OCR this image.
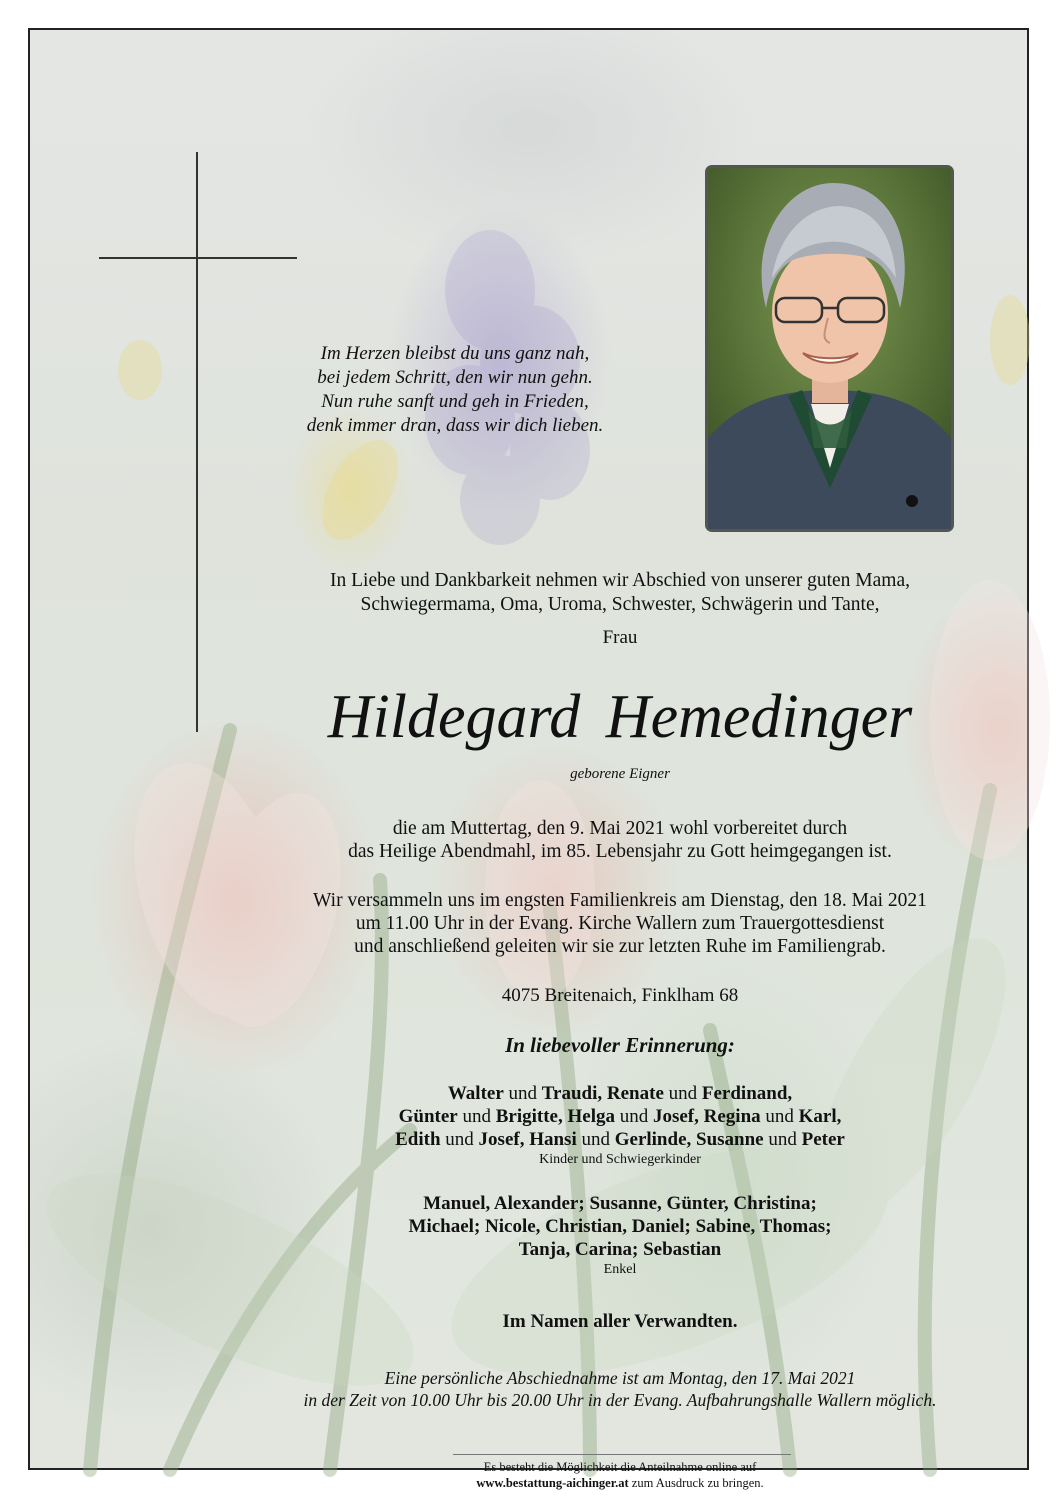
Im Herzen bleibst du uns ganz nah,
bei jedem Schritt, den wir nun gehn.
Nun ruhe sanft und geh in Frieden,
denk immer dran, dass wir dich lieben.
In Liebe und Dankbarkeit nehmen wir Abschied von unserer guten Mama,
Schwiegermama, Oma, Uroma, Schwester, Schwägerin und Tante,
Frau
Hildegard Hemedinger
geborene Eigner
die am Muttertag, den 9. Mai 2021 wohl vorbereitet durch
das Heilige Abendmahl, im 85. Lebensjahr zu Gott heimgegangen ist.
Wir versammeln uns im engsten Familienkreis am Dienstag, den 18. Mai 2021
um 11.00 Uhr in der Evang. Kirche Wallern zum Trauergottesdienst
und anschließend geleiten wir sie zur letzten Ruhe im Familiengrab.
4075 Breitenaich, Finklham 68
In liebevoller Erinnerung:
Walter und Traudi, Renate und Ferdinand,
Günter und Brigitte, Helga und Josef, Regina und Karl,
Edith und Josef, Hansi und Gerlinde, Susanne und Peter
Kinder und Schwiegerkinder
Manuel, Alexander; Susanne, Günter, Christina;
Michael; Nicole, Christian, Daniel; Sabine, Thomas;
Tanja, Carina; Sebastian
Enkel
Im Namen aller Verwandten.
Eine persönliche Abschiednahme ist am Montag, den 17. Mai 2021
in der Zeit von 10.00 Uhr bis 20.00 Uhr in der Evang. Aufbahrungshalle Wallern möglich.
Es besteht die Möglichkeit die Anteilnahme online auf
www.bestattung-aichinger.at zum Ausdruck zu bringen.
